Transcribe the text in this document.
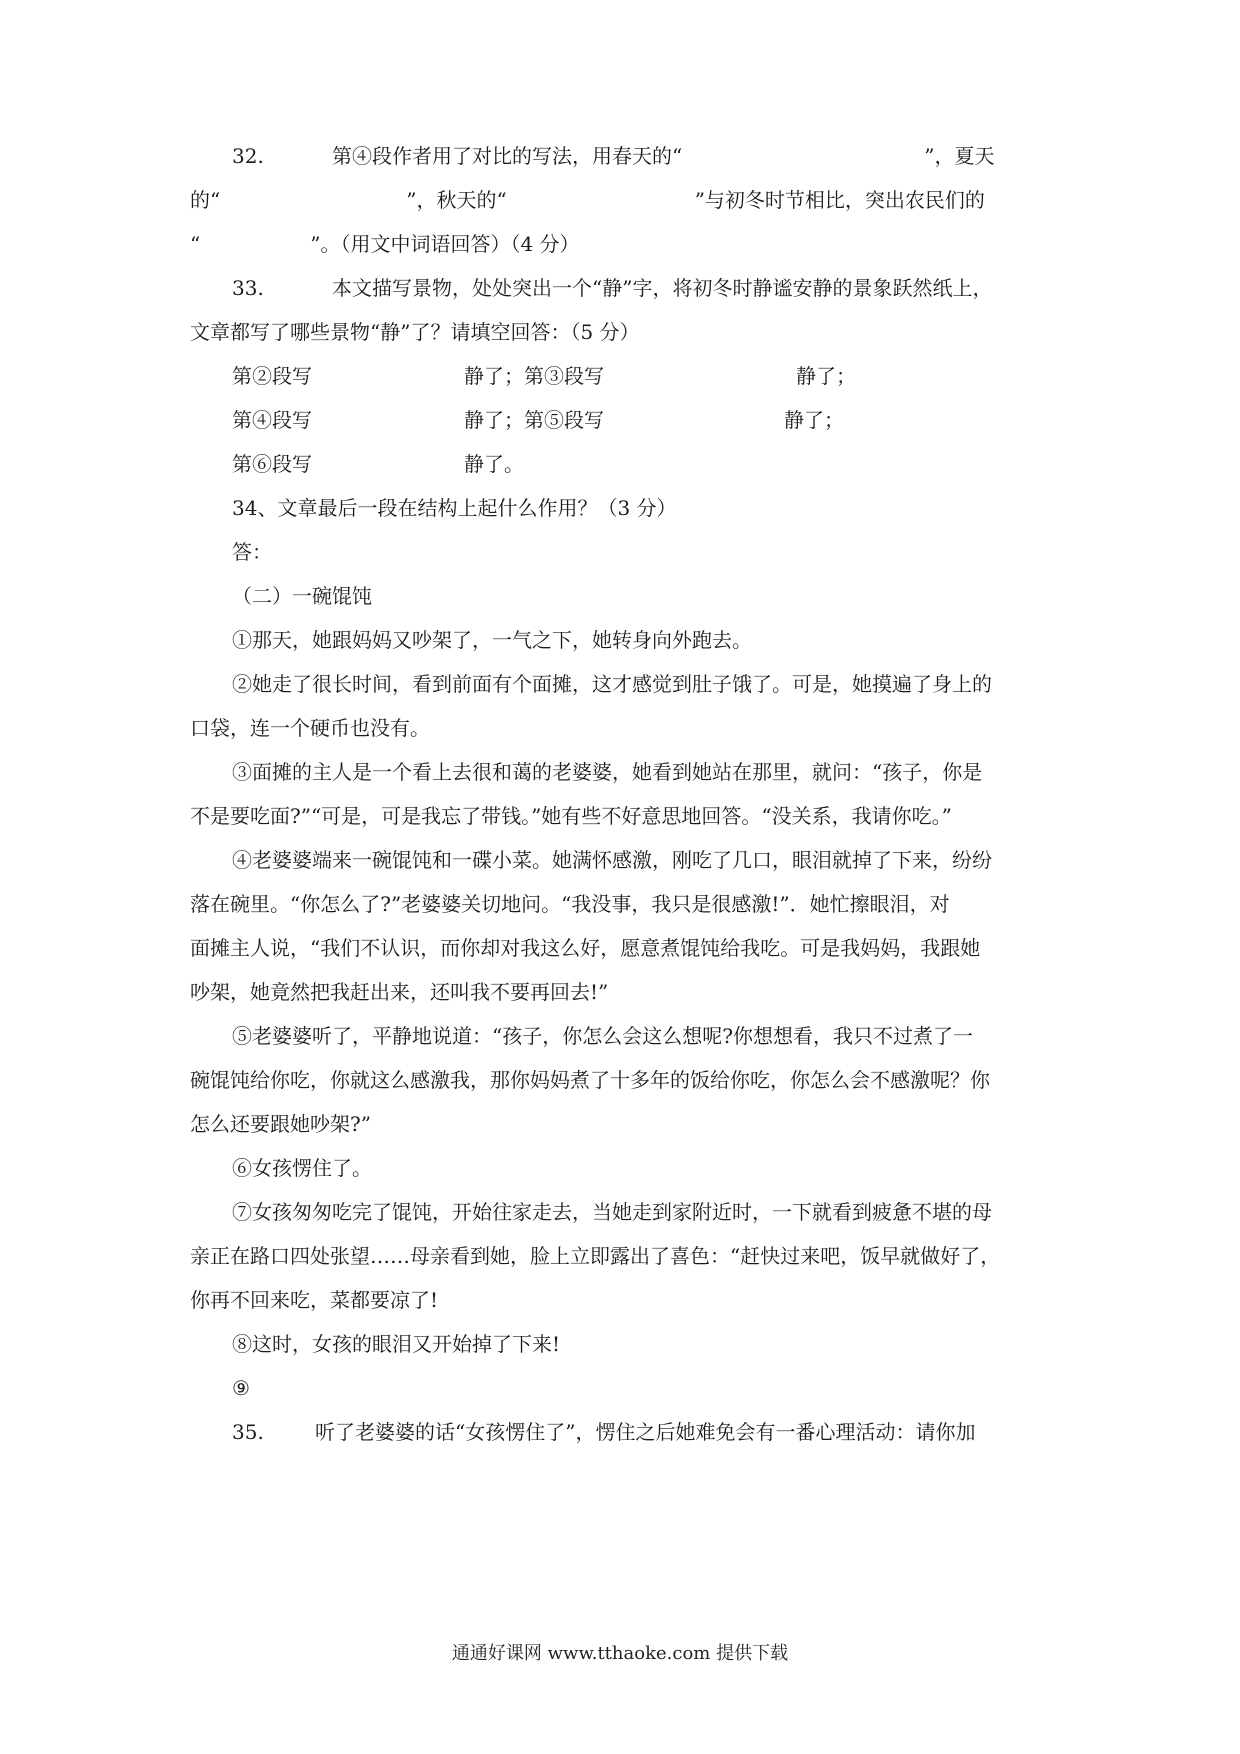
32.	第④段作者用了对比的写法，用春天的“	”，夏天
的“	”，秋天的“	”与初冬时节相比，突出农民们的
“	”。（用文中词语回答）（4 分）
33.	本文描写景物，处处突出一个“静”字，将初冬时静谧安静的景象跃然纸上，
文章都写了哪些景物“静”了？请填空回答：（5 分）
第②段写	静了；第③段写	静了；
第④段写	静了；第⑤段写	静了；
第⑥段写	静了。
34、文章最后一段在结构上起什么作用？（3 分）
答：
（二）一碗馄饨
①那天，她跟妈妈又吵架了，一气之下，她转身向外跑去。
②她走了很长时间，看到前面有个面摊，这才感觉到肚子饿了。可是，她摸遍了身上的
口袋，连一个硬币也没有。
③面摊的主人是一个看上去很和蔼的老婆婆，她看到她站在那里，就问：“孩子，你是
不是要吃面?”“可是，可是我忘了带钱。”她有些不好意思地回答。“没关系，我请你吃。”
④老婆婆端来一碗馄饨和一碟小菜。她满怀感激，刚吃了几口，眼泪就掉了下来，纷纷
落在碗里。“你怎么了?”老婆婆关切地问。“我没事，我只是很感激!”．她忙擦眼泪，对
面摊主人说，“我们不认识，而你却对我这么好，愿意煮馄饨给我吃。可是我妈妈，我跟她
吵架，她竟然把我赶出来，还叫我不要再回去!”
⑤老婆婆听了，平静地说道：“孩子，你怎么会这么想呢?你想想看，我只不过煮了一
碗馄饨给你吃，你就这么感激我，那你妈妈煮了十多年的饭给你吃，你怎么会不感激呢？你
怎么还要跟她吵架?”
⑥女孩愣住了。
⑦女孩匆匆吃完了馄饨，开始往家走去，当她走到家附近时，一下就看到疲惫不堪的母
亲正在路口四处张望……母亲看到她，脸上立即露出了喜色：“赶快过来吧，饭早就做好了，
你再不回来吃，菜都要凉了!
⑧这时，女孩的眼泪又开始掉了下来!
⑨
35.	听了老婆婆的话“女孩愣住了”，愣住之后她难免会有一番心理活动：请你加
通通好课网 www.tthaoke.com 提供下载
